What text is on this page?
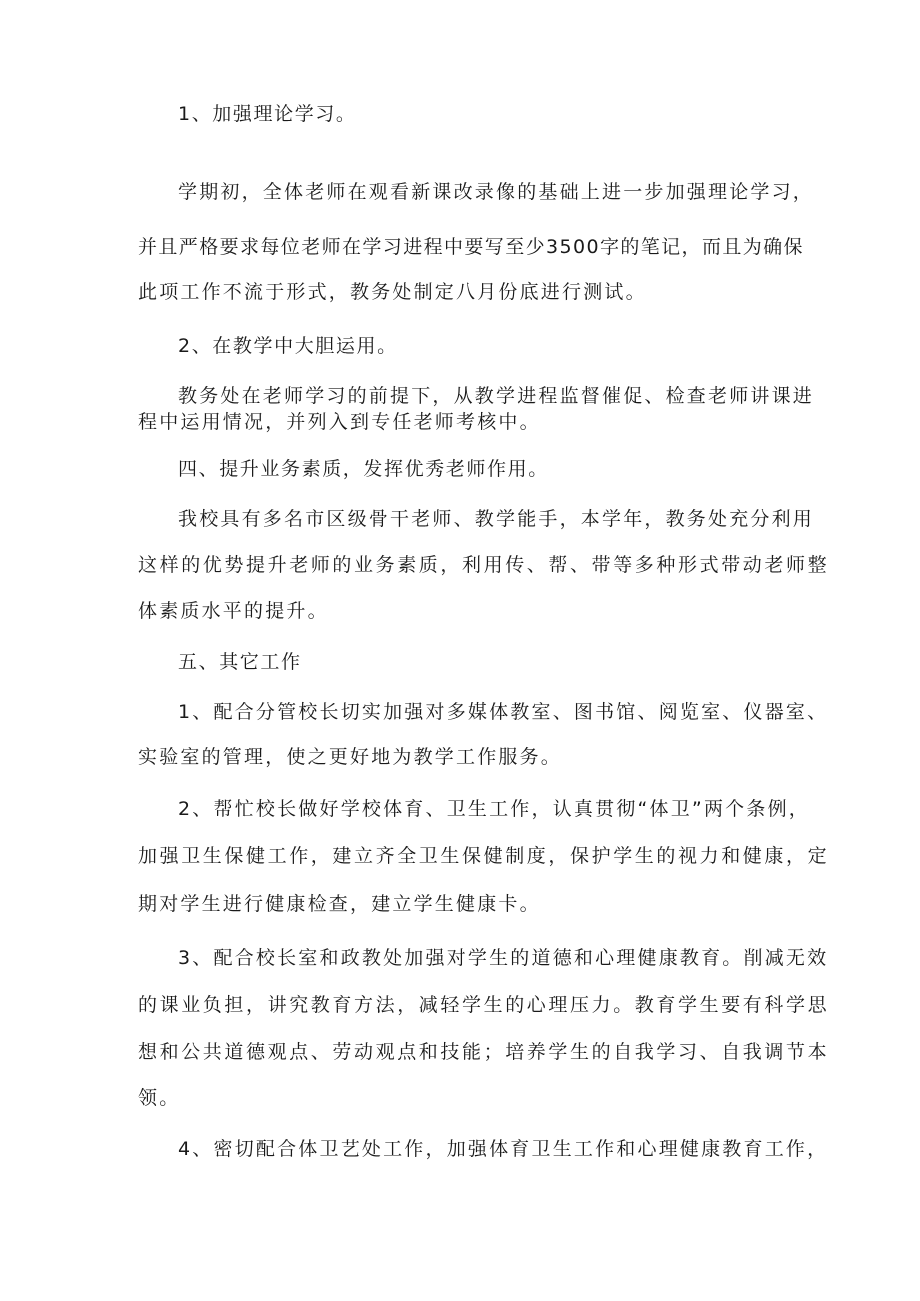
1、加强理论学习。
学期初，全体老师在观看新课改录像的基础上进一步加强理论学习，
并且严格要求每位老师在学习进程中要写至少3500字的笔记，而且为确保
此项工作不流于形式，教务处制定八月份底进行测试。
2、在教学中大胆运用。
教务处在老师学习的前提下，从教学进程监督催促、检查老师讲课进
程中运用情况，并列入到专任老师考核中。
四、提升业务素质，发挥优秀老师作用。
我校具有多名市区级骨干老师、教学能手，本学年，教务处充分利用
这样的优势提升老师的业务素质，利用传、帮、带等多种形式带动老师整
体素质水平的提升。
五、其它工作
1、配合分管校长切实加强对多媒体教室、图书馆、阅览室、仪器室、
实验室的管理，使之更好地为教学工作服务。
2、帮忙校长做好学校体育、卫生工作，认真贯彻“体卫”两个条例，
加强卫生保健工作，建立齐全卫生保健制度，保护学生的视力和健康，定
期对学生进行健康检查，建立学生健康卡。
3、配合校长室和政教处加强对学生的道德和心理健康教育。削减无效
的课业负担，讲究教育方法，减轻学生的心理压力。教育学生要有科学思
想和公共道德观点、劳动观点和技能；培养学生的自我学习、自我调节本
领。
4、密切配合体卫艺处工作，加强体育卫生工作和心理健康教育工作，
